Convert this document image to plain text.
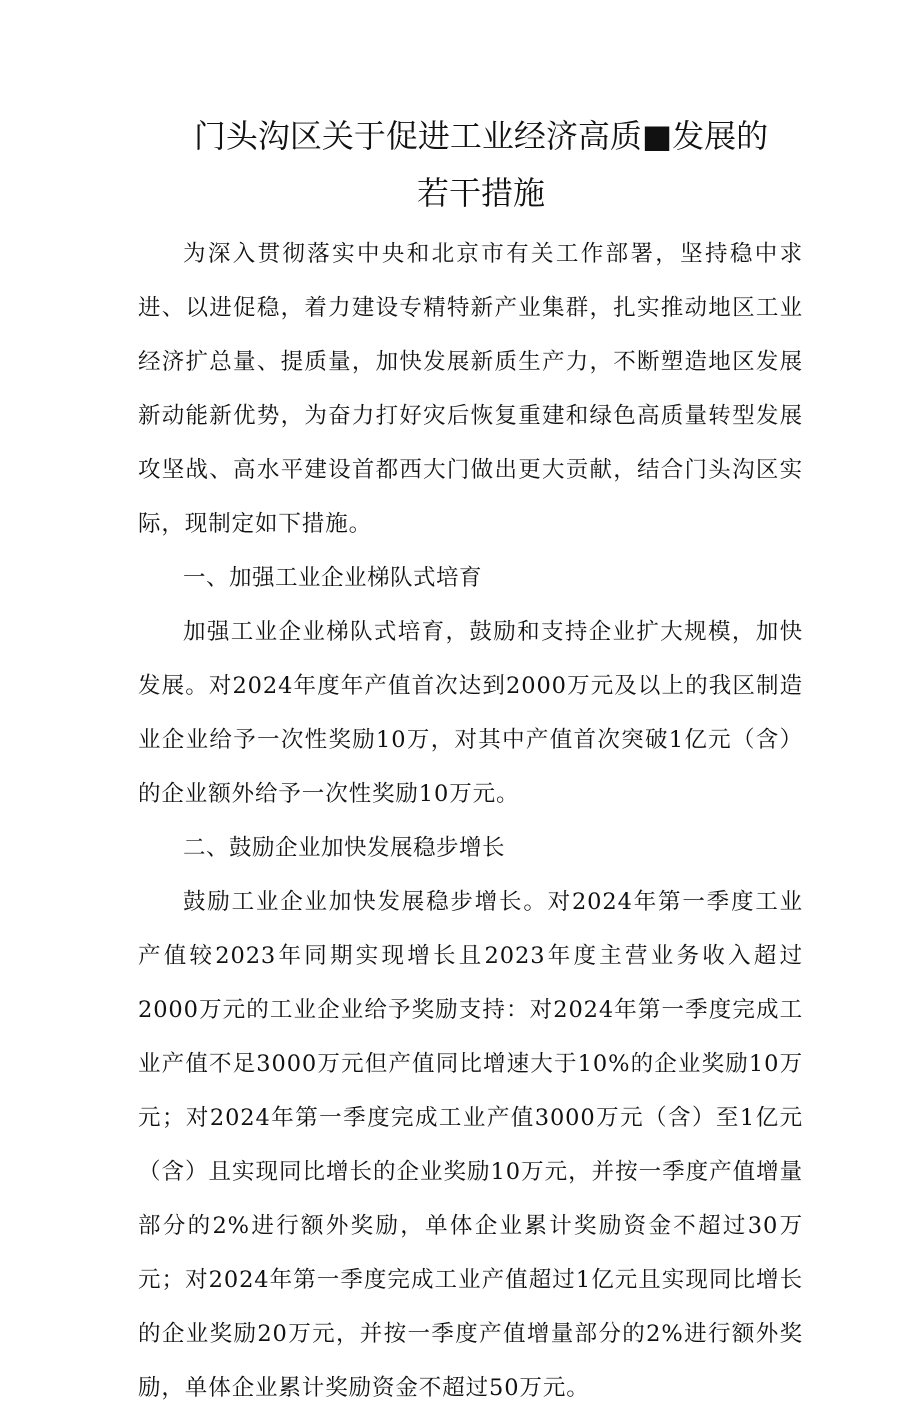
门头沟区关于促进工业经济高质■发展的
若干措施

为深入贯彻落实中央和北京市有关工作部署，坚持稳中求进、以进促稳，着力建设专精特新产业集群，扎实推动地区工业经济扩总量、提质量，加快发展新质生产力，不断塑造地区发展新动能新优势，为奋力打好灾后恢复重建和绿色高质量转型发展攻坚战、高水平建设首都西大门做出更大贡献，结合门头沟区实际，现制定如下措施。

一、加强工业企业梯队式培育

加强工业企业梯队式培育，鼓励和支持企业扩大规模，加快发展。对2024年度年产值首次达到2000万元及以上的我区制造业企业给予一次性奖励10万，对其中产值首次突破1亿元（含）的企业额外给予一次性奖励10万元。

二、鼓励企业加快发展稳步增长

鼓励工业企业加快发展稳步增长。对2024年第一季度工业产值较2023年同期实现增长且2023年度主营业务收入超过2000万元的工业企业给予奖励支持：对2024年第一季度完成工业产值不足3000万元但产值同比增速大于10%的企业奖励10万元；对2024年第一季度完成工业产值3000万元（含）至1亿元（含）且实现同比增长的企业奖励10万元，并按一季度产值增量部分的2%进行额外奖励，单体企业累计奖励资金不超过30万元；对2024年第一季度完成工业产值超过1亿元且实现同比增长的企业奖励20万元，并按一季度产值增量部分的2%进行额外奖励，单体企业累计奖励资金不超过50万元。
